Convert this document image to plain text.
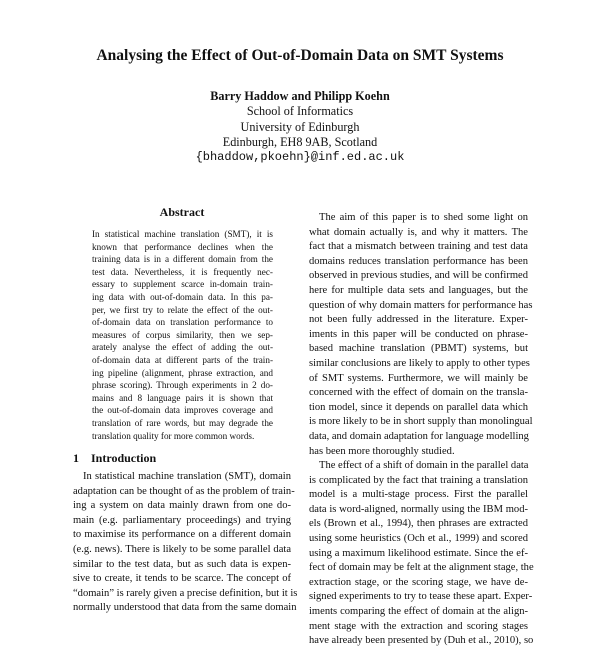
Analysing the Effect of Out-of-Domain Data on SMT Systems
Barry Haddow and Philipp Koehn
School of Informatics
University of Edinburgh
Edinburgh, EH8 9AB, Scotland
{bhaddow,pkoehn}@inf.ed.ac.uk
Abstract
In statistical machine translation (SMT), it is
known that performance declines when the
training data is in a different domain from the
test data. Nevertheless, it is frequently nec-
essary to supplement scarce in-domain train-
ing data with out-of-domain data. In this pa-
per, we first try to relate the effect of the out-
of-domain data on translation performance to
measures of corpus similarity, then we sep-
arately analyse the effect of adding the out-
of-domain data at different parts of the train-
ing pipeline (alignment, phrase extraction, and
phrase scoring). Through experiments in 2 do-
mains and 8 language pairs it is shown that
the out-of-domain data improves coverage and
translation of rare words, but may degrade the
translation quality for more common words.
1 Introduction
In statistical machine translation (SMT), domain
adaptation can be thought of as the problem of train-
ing a system on data mainly drawn from one do-
main (e.g. parliamentary proceedings) and trying
to maximise its performance on a different domain
(e.g. news). There is likely to be some parallel data
similar to the test data, but as such data is expen-
sive to create, it tends to be scarce. The concept of
“domain” is rarely given a precise definition, but it is
normally understood that data from the same domain
The aim of this paper is to shed some light on
what domain actually is, and why it matters. The
fact that a mismatch between training and test data
domains reduces translation performance has been
observed in previous studies, and will be confirmed
here for multiple data sets and languages, but the
question of why domain matters for performance has
not been fully addressed in the literature. Exper-
iments in this paper will be conducted on phrase-
based machine translation (PBMT) systems, but
similar conclusions are likely to apply to other types
of SMT systems. Furthermore, we will mainly be
concerned with the effect of domain on the transla-
tion model, since it depends on parallel data which
is more likely to be in short supply than monolingual
data, and domain adaptation for language modelling
has been more thoroughly studied.
The effect of a shift of domain in the parallel data
is complicated by the fact that training a translation
model is a multi-stage process. First the parallel
data is word-aligned, normally using the IBM mod-
els (Brown et al., 1994), then phrases are extracted
using some heuristics (Och et al., 1999) and scored
using a maximum likelihood estimate. Since the ef-
fect of domain may be felt at the alignment stage, the
extraction stage, or the scoring stage, we have de-
signed experiments to try to tease these apart. Exper-
iments comparing the effect of domain at the align-
ment stage with the extraction and scoring stages
have already been presented by (Duh et al., 2010), so
